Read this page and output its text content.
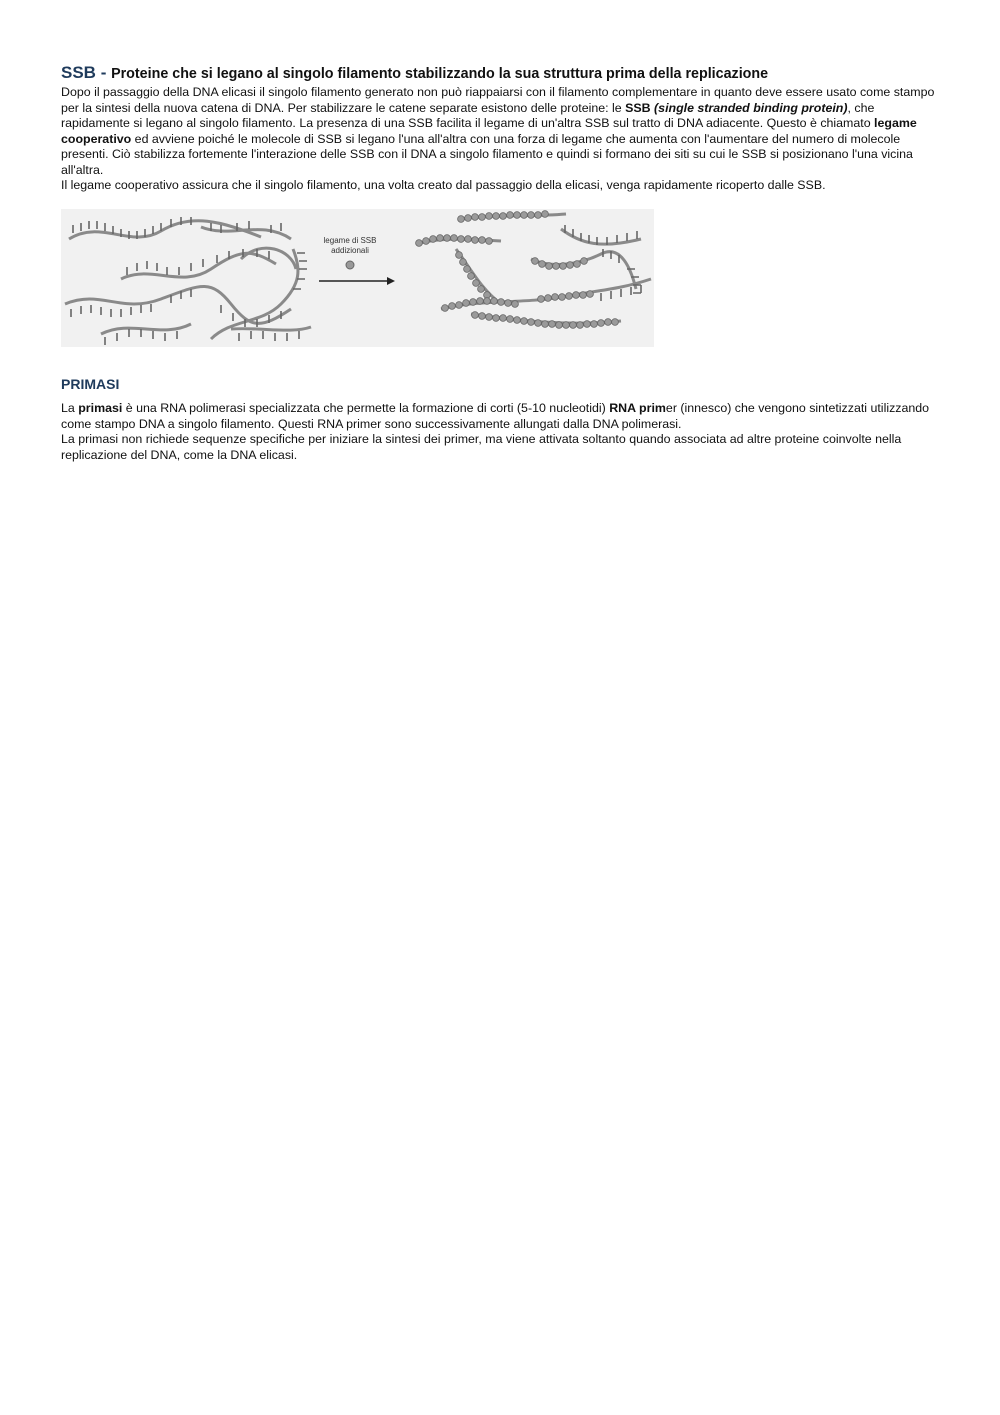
SSB - Proteine che si legano al singolo filamento stabilizzando la sua struttura prima della replicazione

Dopo il passaggio della DNA elicasi il singolo filamento generato non può riappaiarsi con il filamento complementare in quanto deve essere usato come stampo per la sintesi della nuova catena di DNA. Per stabilizzare le catene separate esistono delle proteine: le SSB (single stranded binding protein), che rapidamente si legano al singolo filamento. La presenza di una SSB facilita il legame di un'altra SSB sul tratto di DNA adiacente. Questo è chiamato legame cooperativo ed avviene poiché le molecole di SSB si legano l'una all'altra con una forza di legame che aumenta con l'aumentare del numero di molecole presenti. Ciò stabilizza fortemente l'interazione delle SSB con il DNA a singolo filamento e quindi si formano dei siti su cui le SSB si posizionano l'una vicina all'altra.

Il legame cooperativo assicura che il singolo filamento, una volta creato dal passaggio della elicasi, venga rapidamente ricoperto dalle SSB.

legame di SSB
addizionali
PRIMASI

La primasi è una RNA polimerasi specializzata che permette la formazione di corti (5-10 nucleotidi) RNA primer (innesco) che vengono sintetizzati utilizzando come stampo DNA a singolo filamento. Questi RNA primer sono successivamente allungati dalla DNA polimerasi.

La primasi non richiede sequenze specifiche per iniziare la sintesi dei primer, ma viene attivata soltanto quando associata ad altre proteine coinvolte nella replicazione del DNA, come la DNA elicasi.
